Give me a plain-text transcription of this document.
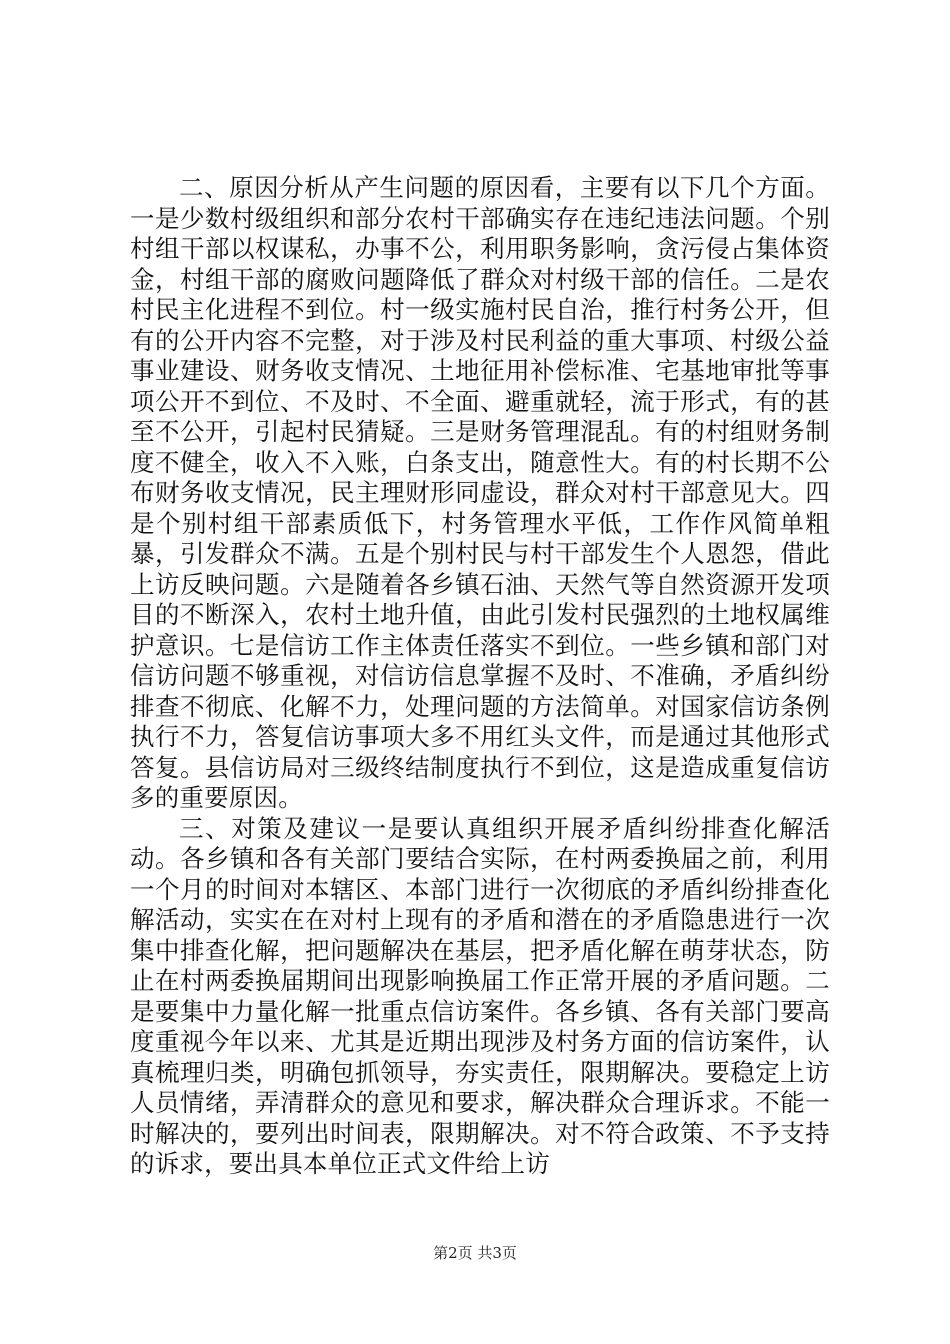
二、原因分析从产生问题的原因看，主要有以下几个方面。一是少数村级组织和部分农村干部确实存在违纪违法问题。个别村组干部以权谋私，办事不公，利用职务影响，贪污侵占集体资金，村组干部的腐败问题降低了群众对村级干部的信任。二是农村民主化进程不到位。村一级实施村民自治，推行村务公开，但有的公开内容不完整，对于涉及村民利益的重大事项、村级公益事业建设、财务收支情况、土地征用补偿标准、宅基地审批等事项公开不到位、不及时、不全面、避重就轻，流于形式，有的甚至不公开，引起村民猜疑。三是财务管理混乱。有的村组财务制度不健全，收入不入账，白条支出，随意性大。有的村长期不公布财务收支情况，民主理财形同虚设，群众对村干部意见大。四是个别村组干部素质低下，村务管理水平低，工作作风简单粗暴，引发群众不满。五是个别村民与村干部发生个人恩怨，借此上访反映问题。六是随着各乡镇石油、天然气等自然资源开发项目的不断深入，农村土地升值，由此引发村民强烈的土地权属维护意识。七是信访工作主体责任落实不到位。一些乡镇和部门对信访问题不够重视，对信访信息掌握不及时、不准确，矛盾纠纷排查不彻底、化解不力，处理问题的方法简单。对国家信访条例执行不力，答复信访事项大多不用红头文件，而是通过其他形式答复。县信访局对三级终结制度执行不到位，这是造成重复信访多的重要原因。

三、对策及建议一是要认真组织开展矛盾纠纷排查化解活动。各乡镇和各有关部门要结合实际，在村两委换届之前，利用一个月的时间对本辖区、本部门进行一次彻底的矛盾纠纷排查化解活动，实实在在对村上现有的矛盾和潜在的矛盾隐患进行一次集中排查化解，把问题解决在基层，把矛盾化解在萌芽状态，防止在村两委换届期间出现影响换届工作正常开展的矛盾问题。二是要集中力量化解一批重点信访案件。各乡镇、各有关部门要高度重视今年以来、尤其是近期出现涉及村务方面的信访案件，认真梳理归类，明确包抓领导，夯实责任，限期解决。要稳定上访人员情绪，弄清群众的意见和要求，解决群众合理诉求。不能一时解决的，要列出时间表，限期解决。对不符合政策、不予支持的诉求，要出具本单位正式文件给上访

第2页 共3页
